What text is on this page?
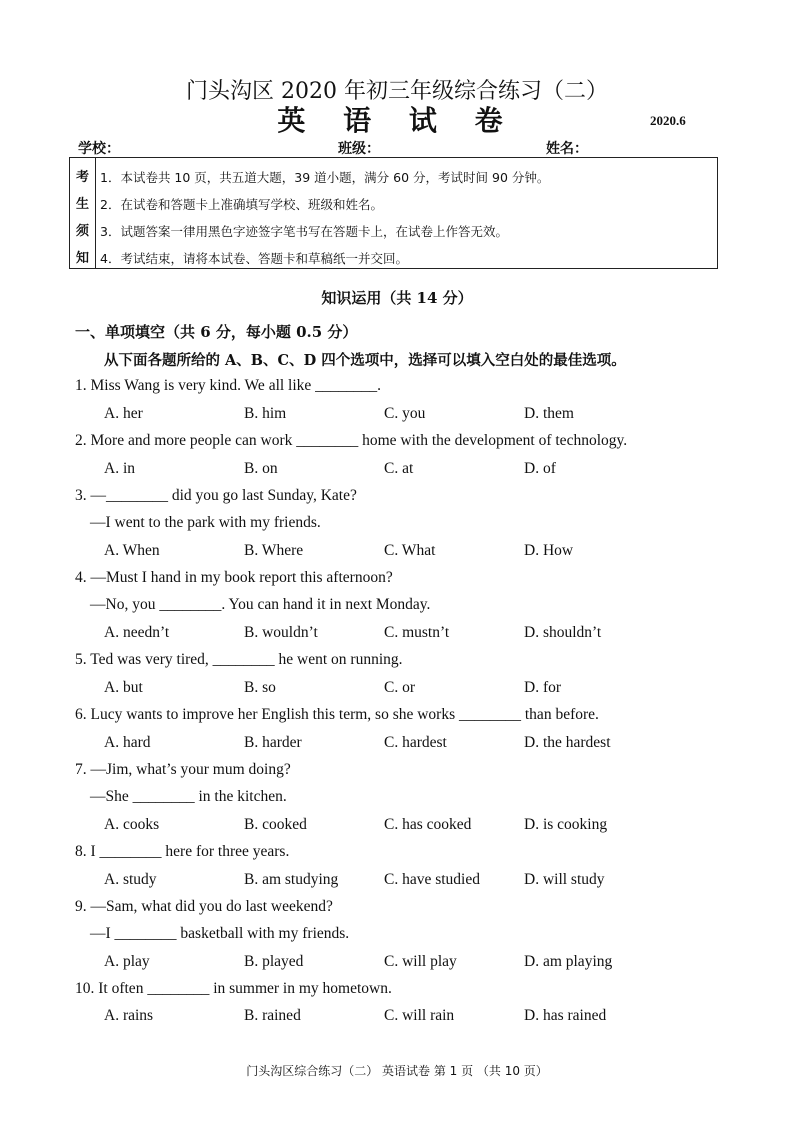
门头沟区 2020 年初三年级综合练习（二）
英 语 试 卷	2020.6
学校：	班级：	姓名：
考
生
须
知
1．本试卷共 10 页，共五道大题，39 道小题，满分 60 分，考试时间 90 分钟。
2．在试卷和答题卡上准确填写学校、班级和姓名。
3．试题答案一律用黑色字迹签字笔书写在答题卡上，在试卷上作答无效。
4．考试结束，请将本试卷、答题卡和草稿纸一并交回。
知识运用（共 14 分）
一、单项填空（共 6 分，每小题 0.5 分）
从下面各题所给的 A、B、C、D 四个选项中，选择可以填入空白处的最佳选项。
1. Miss Wang is very kind. We all like ________.
A. her	B. him	C. you	D. them
2. More and more people can work ________ home with the development of technology.
A. in	B. on	C. at	D. of
3. —________ did you go last Sunday, Kate?
—I went to the park with my friends.
A. When	B. Where	C. What	D. How
4. —Must I hand in my book report this afternoon?
—No, you ________. You can hand it in next Monday.
A. needn’t	B. wouldn’t	C. mustn’t	D. shouldn’t
5. Ted was very tired, ________ he went on running.
A. but	B. so	C. or	D. for
6. Lucy wants to improve her English this term, so she works ________ than before.
A. hard	B. harder	C. hardest	D. the hardest
7. —Jim, what’s your mum doing?
—She ________ in the kitchen.
A. cooks	B. cooked	C. has cooked	D. is cooking
8. I ________ here for three years.
A. study	B. am studying	C. have studied	D. will study
9. —Sam, what did you do last weekend?
—I ________ basketball with my friends.
A. play	B. played	C. will play	D. am playing
10. It often ________ in summer in my hometown.
A. rains	B. rained	C. will rain	D. has rained
门头沟区综合练习（二） 英语试卷 第 1 页 （共 10 页）
